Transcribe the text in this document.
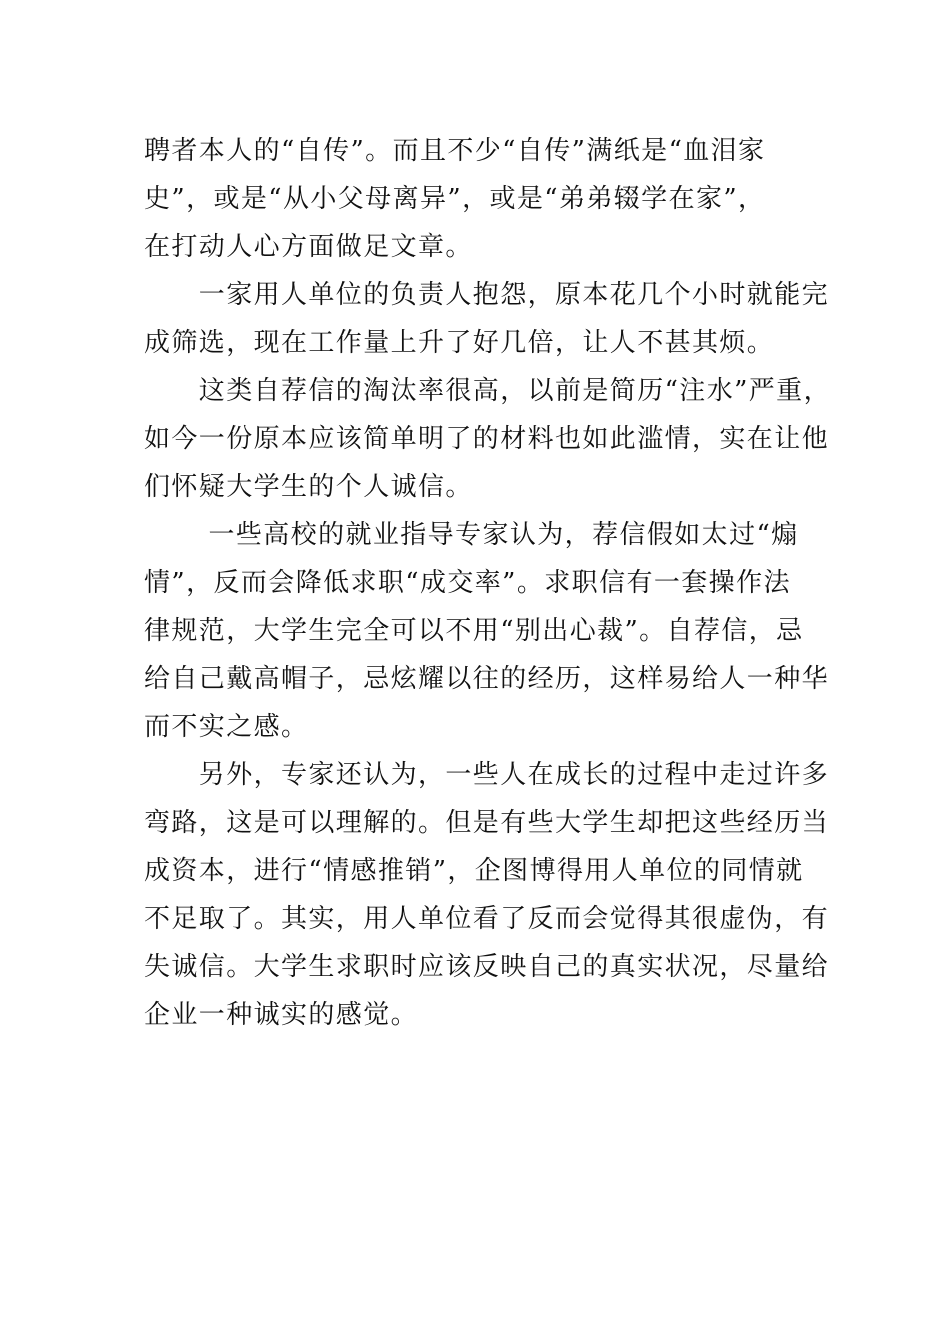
聘者本人的“自传”。而且不少“自传”满纸是“血泪家
史”，或是“从小父母离异”，或是“弟弟辍学在家”，
在打动人心方面做足文章。
　　一家用人单位的负责人抱怨，原本花几个小时就能完
成筛选，现在工作量上升了好几倍，让人不甚其烦。
　　这类自荐信的淘汰率很高，以前是简历“注水”严重，
如今一份原本应该简单明了的材料也如此滥情，实在让他
们怀疑大学生的个人诚信。
　　 一些高校的就业指导专家认为，荐信假如太过“煽
情”，反而会降低求职“成交率”。求职信有一套操作法
律规范，大学生完全可以不用“别出心裁”。自荐信，忌
给自己戴高帽子，忌炫耀以往的经历，这样易给人一种华
而不实之感。
　　另外，专家还认为，一些人在成长的过程中走过许多
弯路，这是可以理解的。但是有些大学生却把这些经历当
成资本，进行“情感推销”，企图博得用人单位的同情就
不足取了。其实，用人单位看了反而会觉得其很虚伪，有
失诚信。大学生求职时应该反映自己的真实状况，尽量给
企业一种诚实的感觉。
